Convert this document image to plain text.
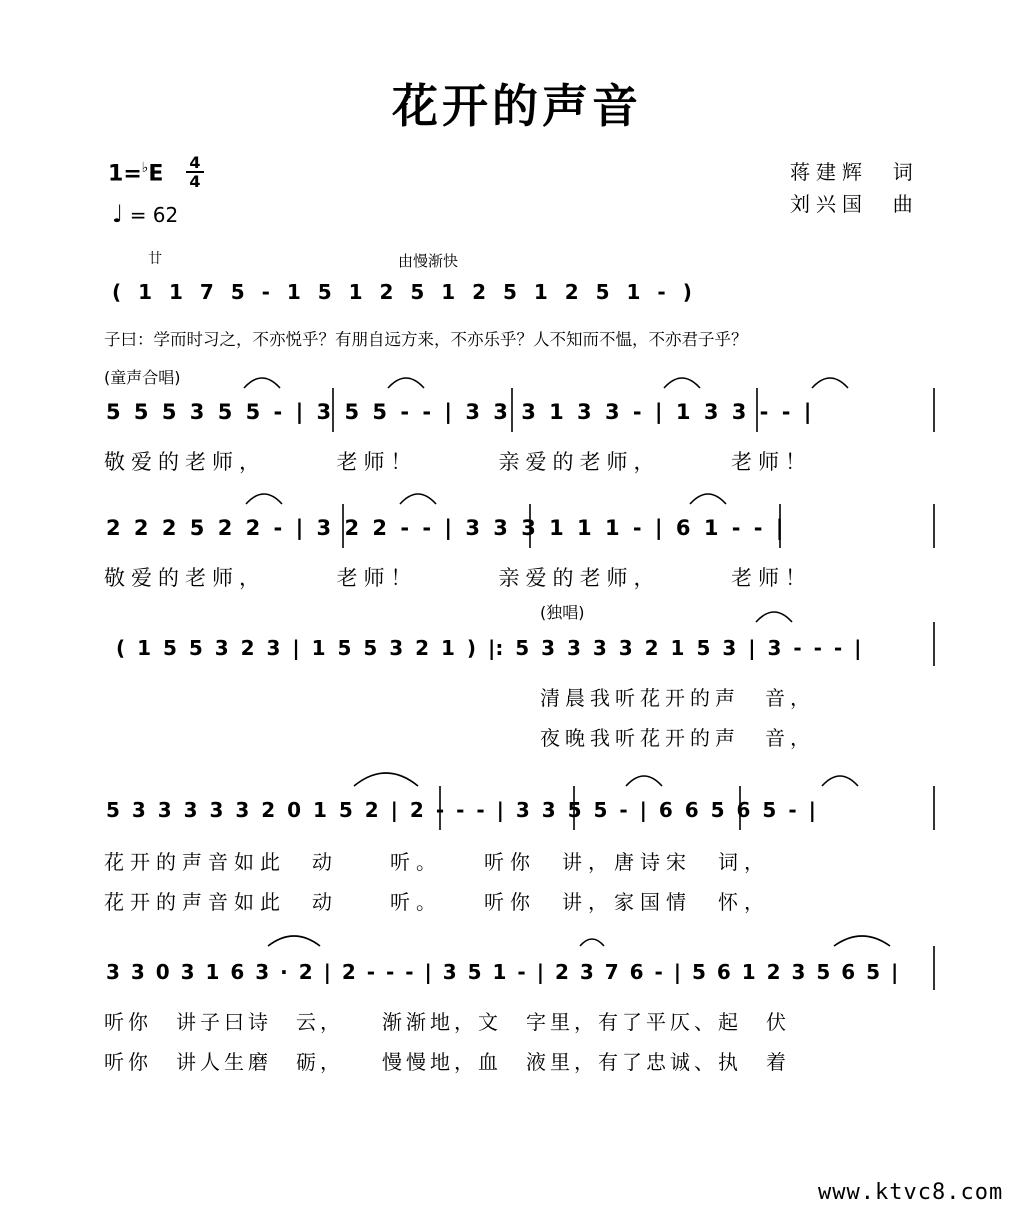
花开的声音
1=♭E 4
4
♩ = 62
蒋建辉 词
刘兴国 曲
廿	由慢渐快
( 1 1 7 5 - 1 5 1 2 5 1 2 5 1 2 5 1 - )
子曰：学而时习之，不亦悦乎？有朋自远方来，不亦乐乎？人不知而不愠，不亦君子乎？
(童声合唱)
5 5 5 3 5 5 - | 3 5 5 - - | 3 3 3 1 3 3 - | 1 3 3 - - |
敬爱的老师，　　　老师！　　　亲爱的老师，　　　老师！
2 2 2 5 2 2 - | 3 2 2 - - | 3 3 3 1 1 1 - | 6 1 - - |
敬爱的老师，　　　老师！　　　亲爱的老师，　　　老师！
(独唱)
( 1 5 5 3 2 3 | 1 5 5 3 2 1 ) |: 5 3 3 3 3 2 1 5 3 | 3 - - - |
清晨我听花开的声　音，
夜晚我听花开的声　音，
5 3 3 3 3 3 2 0 1 5 2 | 2 - - - | 3 3 5 5 - | 6 6 5 6 5 - |
花开的声音如此　动　　听。　　听你　讲，唐诗宋　词，
花开的声音如此　动　　听。　　听你　讲，家国情　怀，
3 3 0 3 1 6 3 · 2 | 2 - - - | 3 5 1 - | 2 3 7 6 - | 5 6 1 2 3 5 6 5 |
听你　讲子曰诗　云，　　渐渐地，文　字里，有了平仄、起　伏
听你　讲人生磨　砺，　　慢慢地，血　液里，有了忠诚、执　着
www.ktvc8.com
